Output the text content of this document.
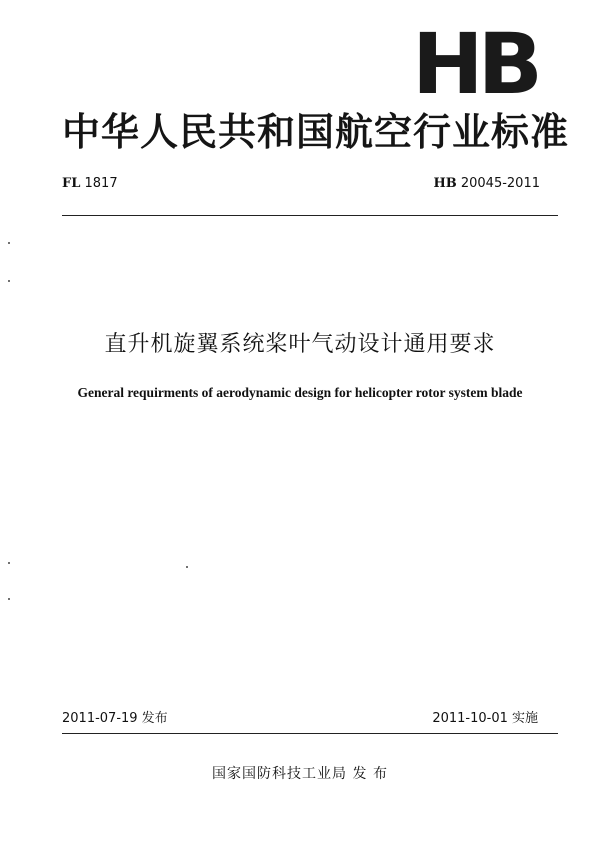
HB
中华人民共和国航空行业标准
FL 1817	HB 20045-2011
直升机旋翼系统桨叶气动设计通用要求
General requirments of aerodynamic design for helicopter rotor system blade
2011-07-19 发布	2011-10-01 实施
国家国防科技工业局 发 布
